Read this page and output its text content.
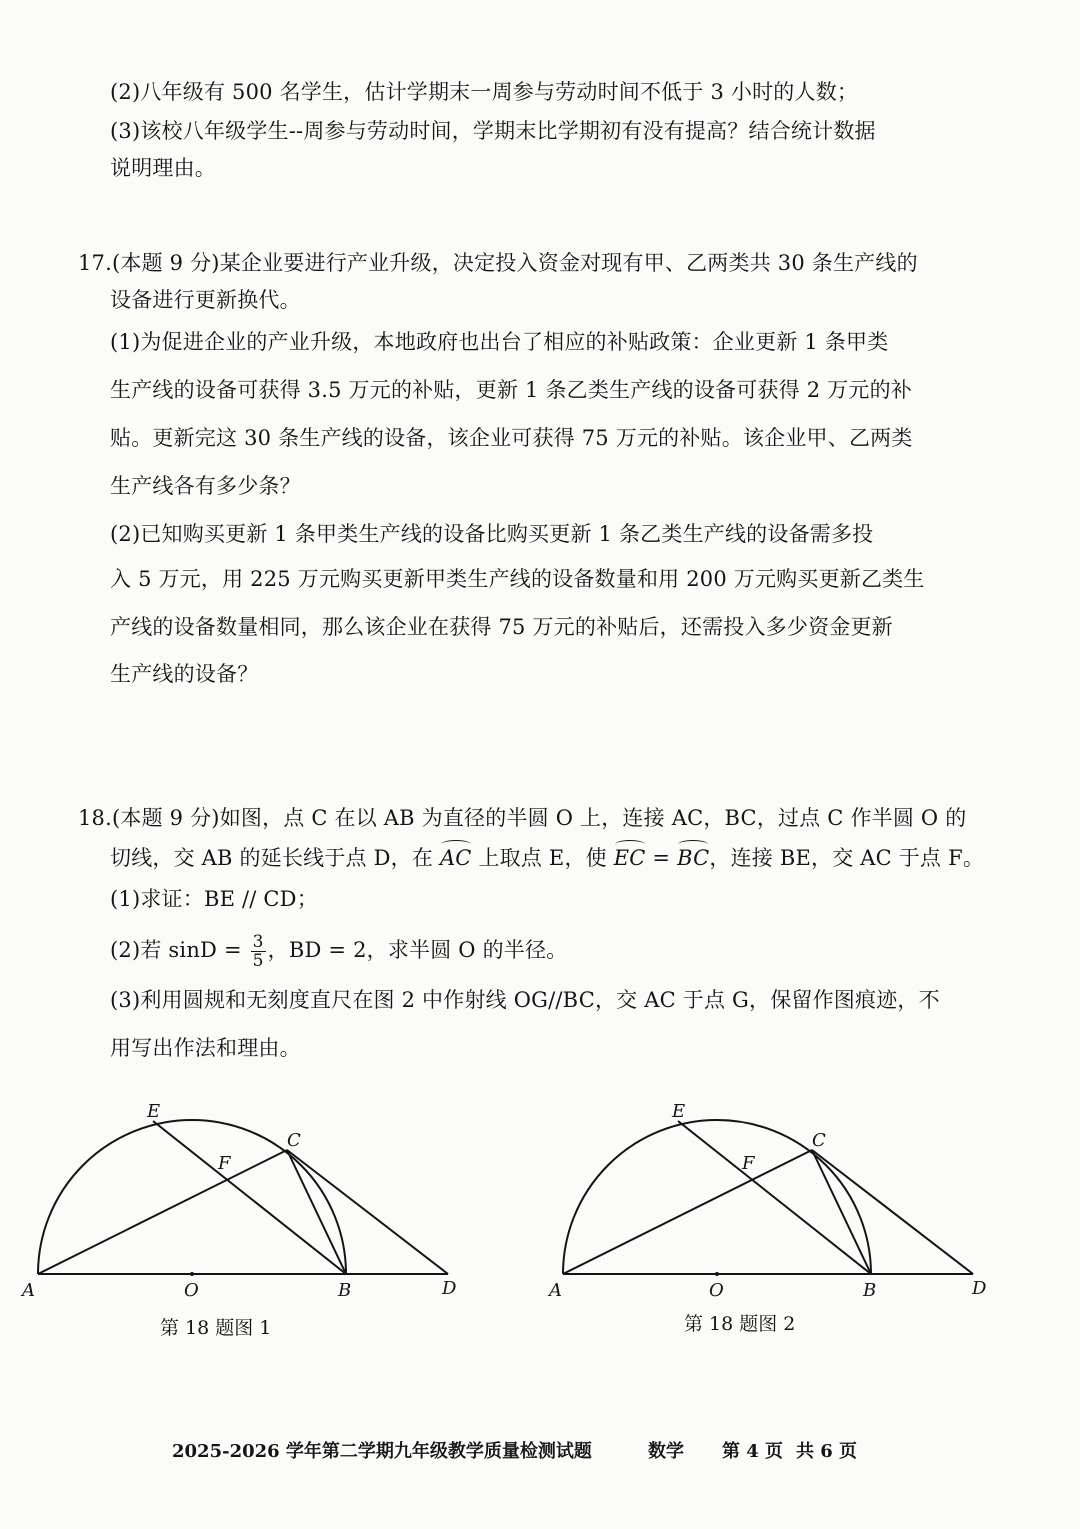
(2)八年级有 500 名学生，估计学期末一周参与劳动时间不低于 3 小时的人数；
(3)该校八年级学生--周参与劳动时间，学期末比学期初有没有提高？结合统计数据
说明理由。
17.(本题 9 分)某企业要进行产业升级，决定投入资金对现有甲、乙两类共 30 条生产线的
设备进行更新换代。
(1)为促进企业的产业升级，本地政府也出台了相应的补贴政策：企业更新 1 条甲类
生产线的设备可获得 3.5 万元的补贴，更新 1 条乙类生产线的设备可获得 2 万元的补
贴。更新完这 30 条生产线的设备，该企业可获得 75 万元的补贴。该企业甲、乙两类
生产线各有多少条？
(2)已知购买更新 1 条甲类生产线的设备比购买更新 1 条乙类生产线的设备需多投
入 5 万元，用 225 万元购买更新甲类生产线的设备数量和用 200 万元购买更新乙类生
产线的设备数量相同，那么该企业在获得 75 万元的补贴后，还需投入多少资金更新
生产线的设备？
18.(本题 9 分)如图，点 C 在以 AB 为直径的半圆 O 上，连接 AC，BC，过点 C 作半圆 O 的
切线，交 AB 的延长线于点 D，在 AC 上取点 E，使 EC = BC，连接 BE，交 AC 于点 F。
(1)求证：BE // CD；
(2)若 $\sin D = \frac{3}{5}$ ，BD = 2，求半圆 O 的半径。
(3)利用圆规和无刻度直尺在图 2 中作射线 OG//BC，交 AC 于点 G，保留作图痕迹，不
用写出作法和理由。
A	O	B	D
C
E
F
A	O	B	D
C
E
F
第 18 题图 1	第 18 题图 2
2025-2026 学年第二学期九年级教学质量检测试题	数学 第 4 页 共 6 页
